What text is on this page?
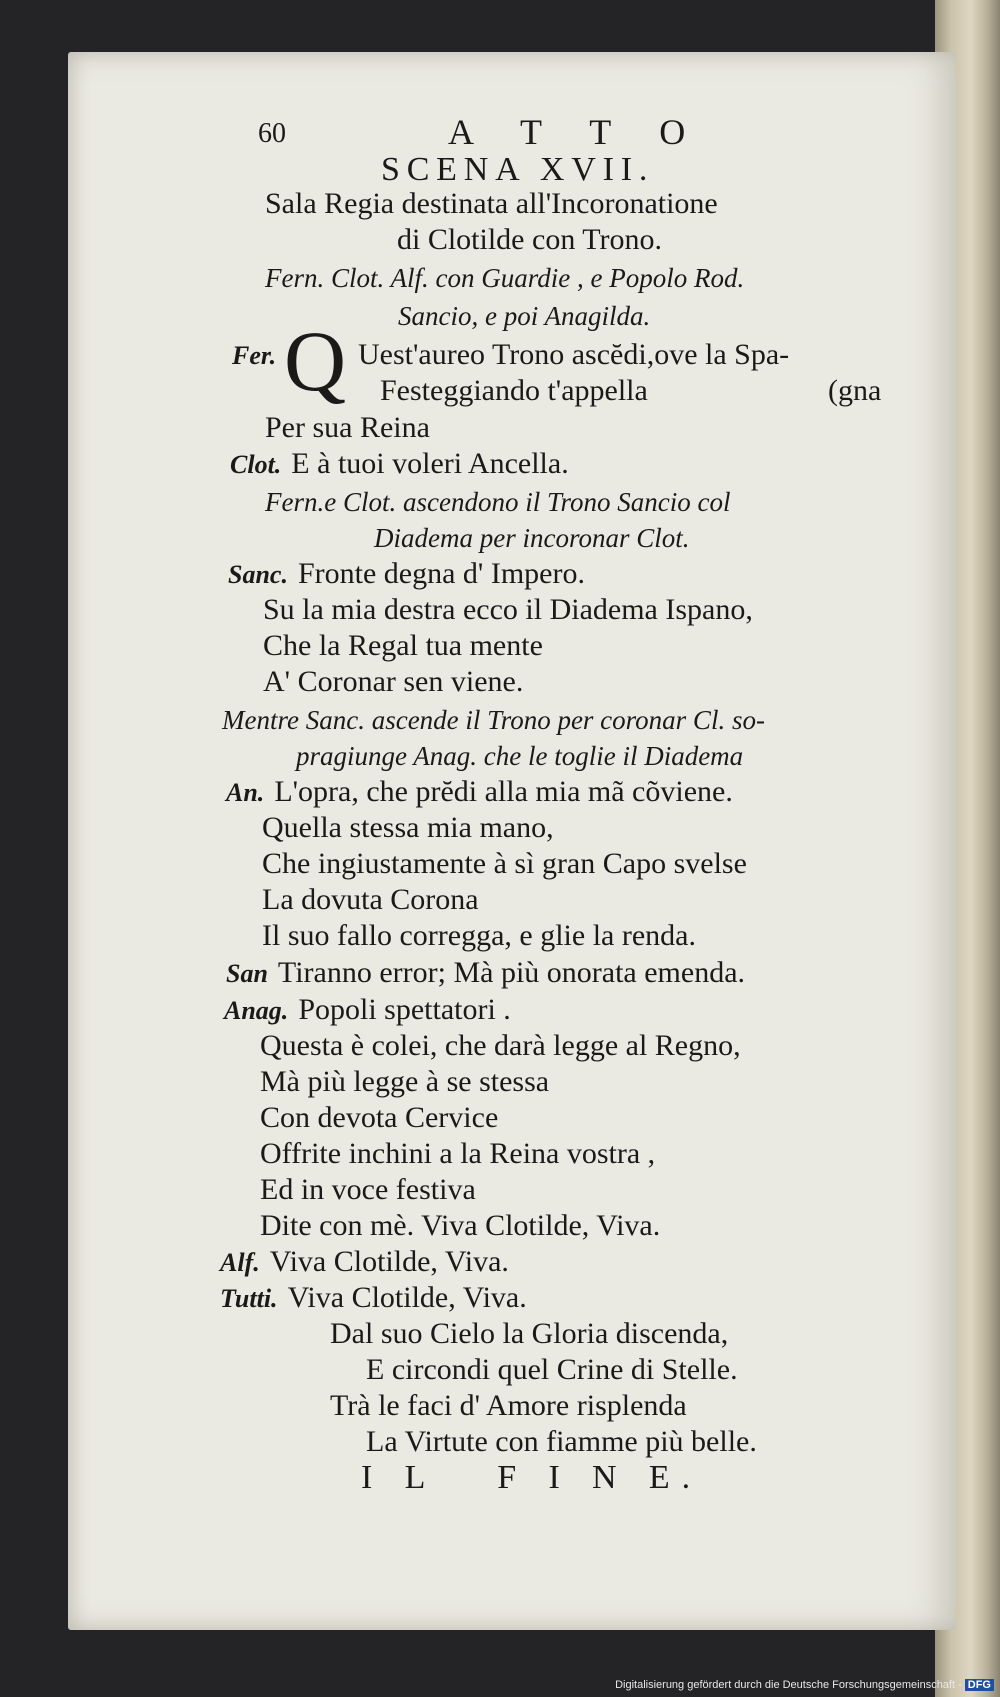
60	A T T O
SCENA XVII.
Sala Regia destinata all'Incoronatione
di Clotilde con Trono.
Fern. Clot. Alf. con Guardie , e Popolo Rod.
Sancio, e poi Anagilda.
Fer. Q Uest'aureo Trono ascĕdi,ove la Spa-
Festeggiando t'appella	(gna
Per sua Reina
Clot. E à tuoi voleri Ancella.
Fern.e Clot. ascendono il Trono Sancio col
Diadema per incoronar Clot.
Sanc. Fronte degna d' Impero.
Su la mia destra ecco il Diadema Ispano,
Che la Regal tua mente
A' Coronar sen viene.
Mentre Sanc. ascende il Trono per coronar Cl. so-
pragiunge Anag. che le toglie il Diadema
An. L'opra, che prĕdi alla mia mã cõviene.
Quella stessa mia mano,
Che ingiustamente à sì gran Capo svelse
La dovuta Corona
Il suo fallo corregga, e glie la renda.
San Tiranno error; Mà più onorata emenda.
Anag. Popoli spettatori .
Questa è colei, che darà legge al Regno,
Mà più legge à se stessa
Con devota Cervice
Offrite inchini a la Reina vostra ,
Ed in voce festiva
Dite con mè. Viva Clotilde, Viva.
Alf. Viva Clotilde, Viva.
Tutti. Viva Clotilde, Viva.
Dal suo Cielo la Gloria discenda,
E circondi quel Crine di Stelle.
Trà le faci d' Amore risplenda
La Virtute con fiamme più belle.
I L   F I N E.
Digitalisierung gefördert durch die Deutsche Forschungsgemeinschaft - DFG
